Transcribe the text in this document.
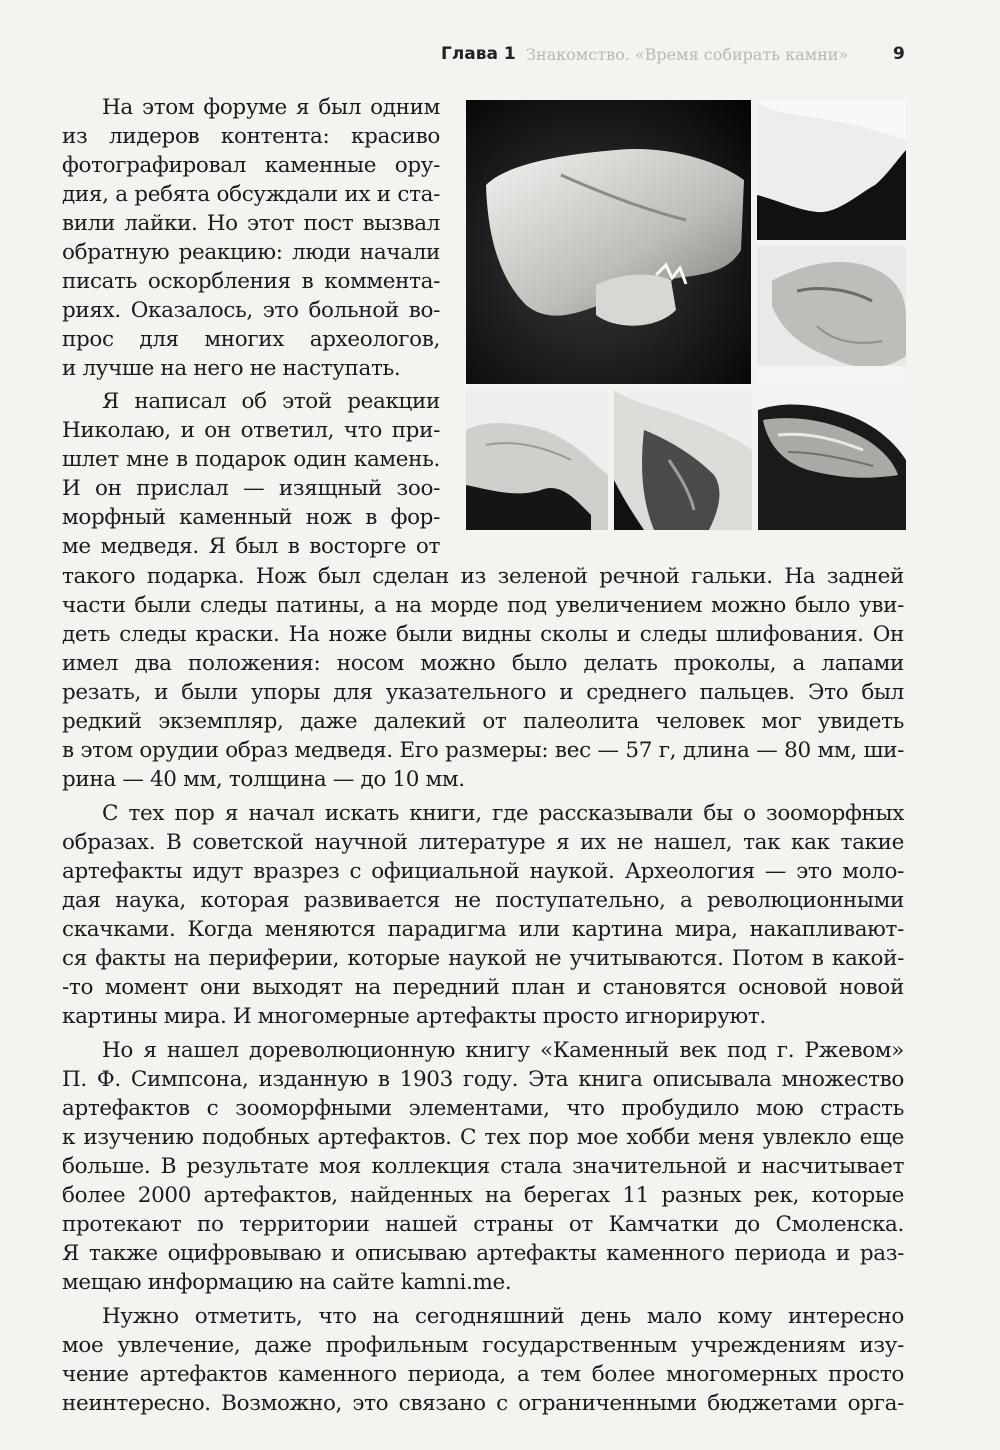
Глава 1 Знакомство. «Время собирать камни»	9
На этом форуме я был одним
из лидеров контента: красиво
фотографировал каменные ору-
дия, а ребята обсуждали их и ста-
вили лайки. Но этот пост вызвал
обратную реакцию: люди начали
писать оскорбления в коммента-
риях. Оказалось, это больной во-
прос для многих археологов,
и лучше на него не наступать.
Я написал об этой реакции
Николаю, и он ответил, что при-
шлет мне в подарок один камень.
И он прислал — изящный зоо-
морфный каменный нож в фор-
ме медведя. Я был в восторге от
такого подарка. Нож был сделан из зеленой речной гальки. На задней
части были следы патины, а на морде под увеличением можно было уви-
деть следы краски. На ноже были видны сколы и следы шлифования. Он
имел два положения: носом можно было делать проколы, а лапами
резать, и были упоры для указательного и среднего пальцев. Это был
редкий экземпляр, даже далекий от палеолита человек мог увидеть
в этом орудии образ медведя. Его размеры: вес — 57 г, длина — 80 мм, ши-
рина — 40 мм, толщина — до 10 мм.
С тех пор я начал искать книги, где рассказывали бы о зооморфных
образах. В советской научной литературе я их не нашел, так как такие
артефакты идут вразрез с официальной наукой. Археология — это моло-
дая наука, которая развивается не поступательно, а революционными
скачками. Когда меняются парадигма или картина мира, накапливают-
ся факты на периферии, которые наукой не учитываются. Потом в какой-
-то момент они выходят на передний план и становятся основой новой
картины мира. И многомерные артефакты просто игнорируют.
Но я нашел дореволюционную книгу «Каменный век под г. Ржевом»
П. Ф. Симпсона, изданную в 1903 году. Эта книга описывала множество
артефактов с зооморфными элементами, что пробудило мою страсть
к изучению подобных артефактов. С тех пор мое хобби меня увлекло еще
больше. В результате моя коллекция стала значительной и насчитывает
более 2000 артефактов, найденных на берегах 11 разных рек, которые
протекают по территории нашей страны от Камчатки до Смоленска.
Я также оцифровываю и описываю артефакты каменного периода и раз-
мещаю информацию на сайте kamni.me.
Нужно отметить, что на сегодняшний день мало кому интересно
мое увлечение, даже профильным государственным учреждениям изу-
чение артефактов каменного периода, а тем более многомерных просто
неинтересно. Возможно, это связано с ограниченными бюджетами орга-
